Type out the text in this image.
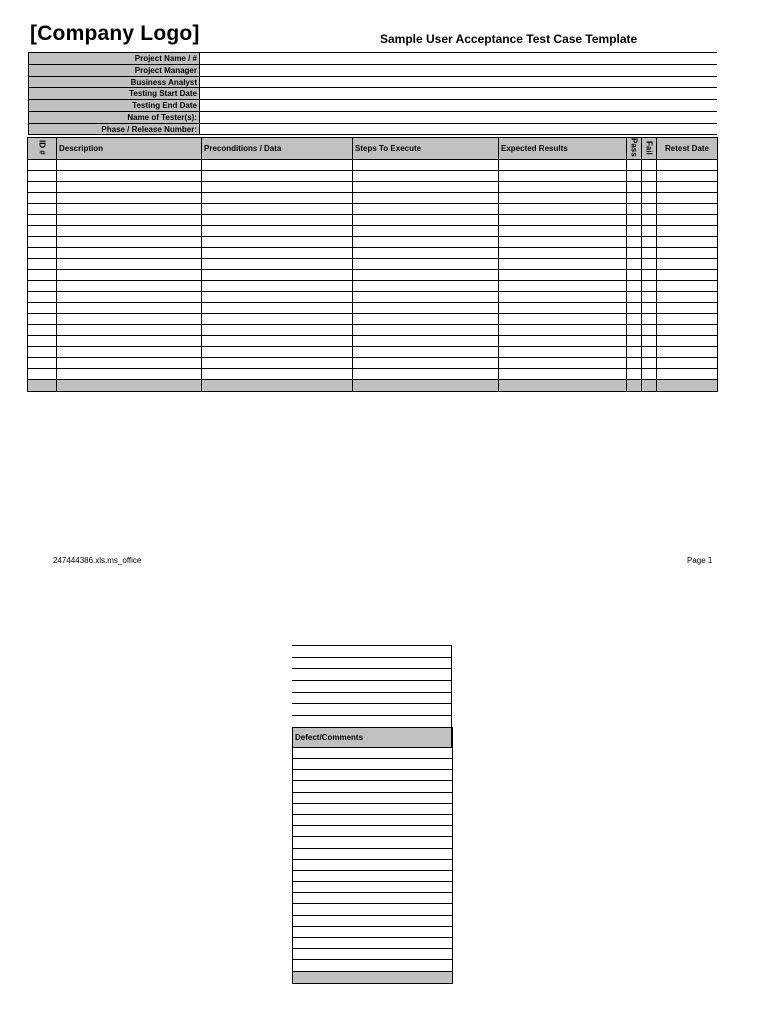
[Company Logo]	Sample User Acceptance Test Case Template
Project Name / #
Project Manager
Business Analyst
Testing Start Date
Testing End Date
Name of Tester(s):
Phase / Release Number:
ID #	Description	Preconditions / Data	Steps To Execute	Expected Results	Pass	Fail	Retest Date

247444386.xls.ms_office	Page 1
Defect/Comments
